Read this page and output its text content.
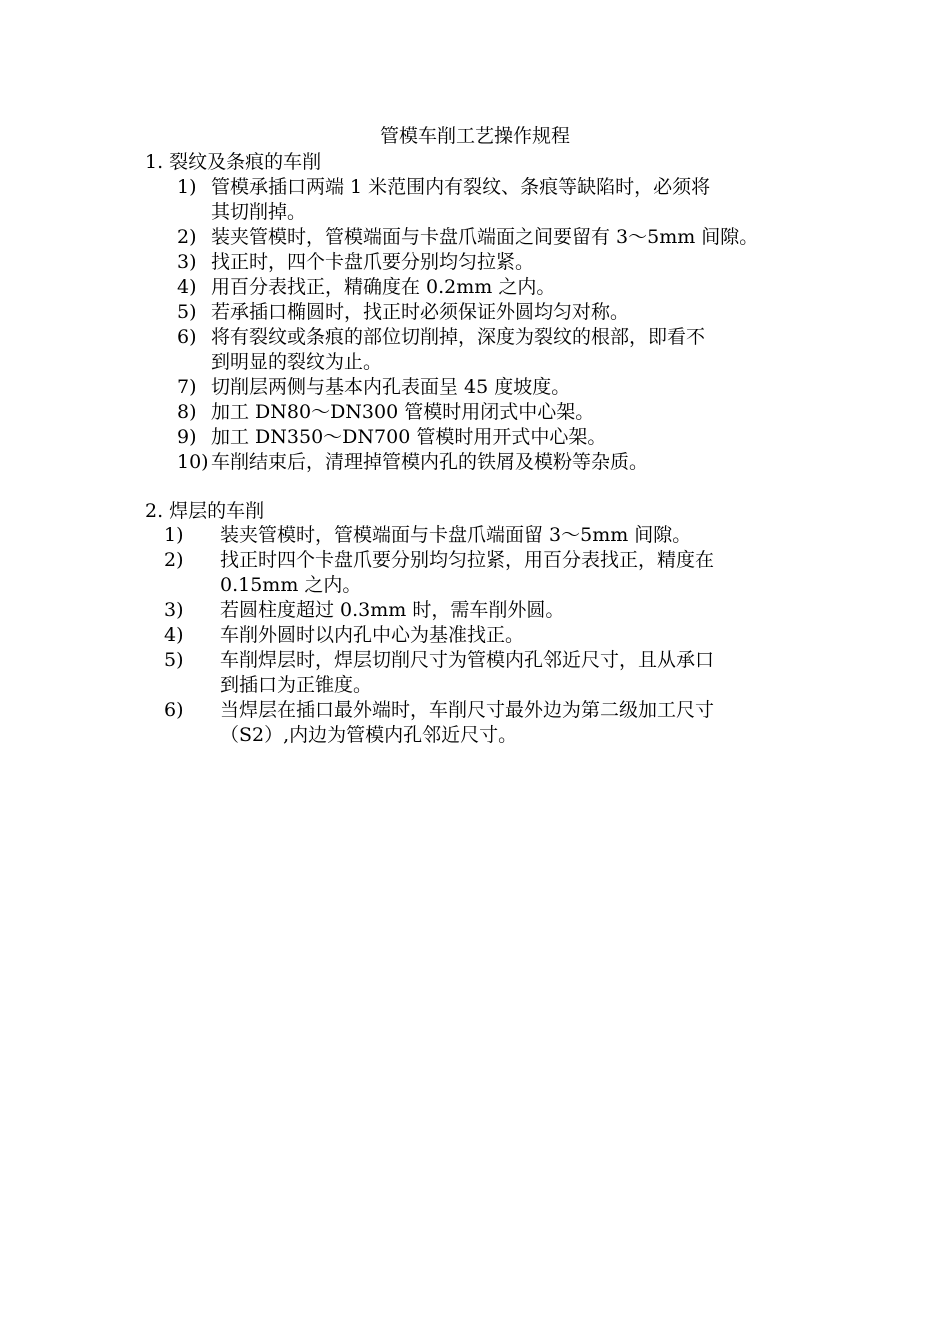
管模车削工艺操作规程
1. 裂纹及条痕的车削
1) 管模承插口两端 1 米范围内有裂纹、条痕等缺陷时，必须将
其切削掉。
2) 装夹管模时，管模端面与卡盘爪端面之间要留有 3～5mm 间隙。
3) 找正时，四个卡盘爪要分别均匀拉紧。
4) 用百分表找正，精确度在 0.2mm 之内。
5) 若承插口椭圆时，找正时必须保证外圆均匀对称。
6) 将有裂纹或条痕的部位切削掉，深度为裂纹的根部，即看不
到明显的裂纹为止。
7) 切削层两侧与基本内孔表面呈 45 度坡度。
8) 加工 DN80～DN300 管模时用闭式中心架。
9) 加工 DN350～DN700 管模时用开式中心架。
10) 车削结束后，清理掉管模内孔的铁屑及模粉等杂质。
2. 焊层的车削
1) 装夹管模时，管模端面与卡盘爪端面留 3～5mm 间隙。
2) 找正时四个卡盘爪要分别均匀拉紧，用百分表找正，精度在
0.15mm 之内。
3) 若圆柱度超过 0.3mm 时，需车削外圆。
4) 车削外圆时以内孔中心为基准找正。
5) 车削焊层时，焊层切削尺寸为管模内孔邻近尺寸，且从承口
到插口为正锥度。
6) 当焊层在插口最外端时，车削尺寸最外边为第二级加工尺寸
（S2）,内边为管模内孔邻近尺寸。
